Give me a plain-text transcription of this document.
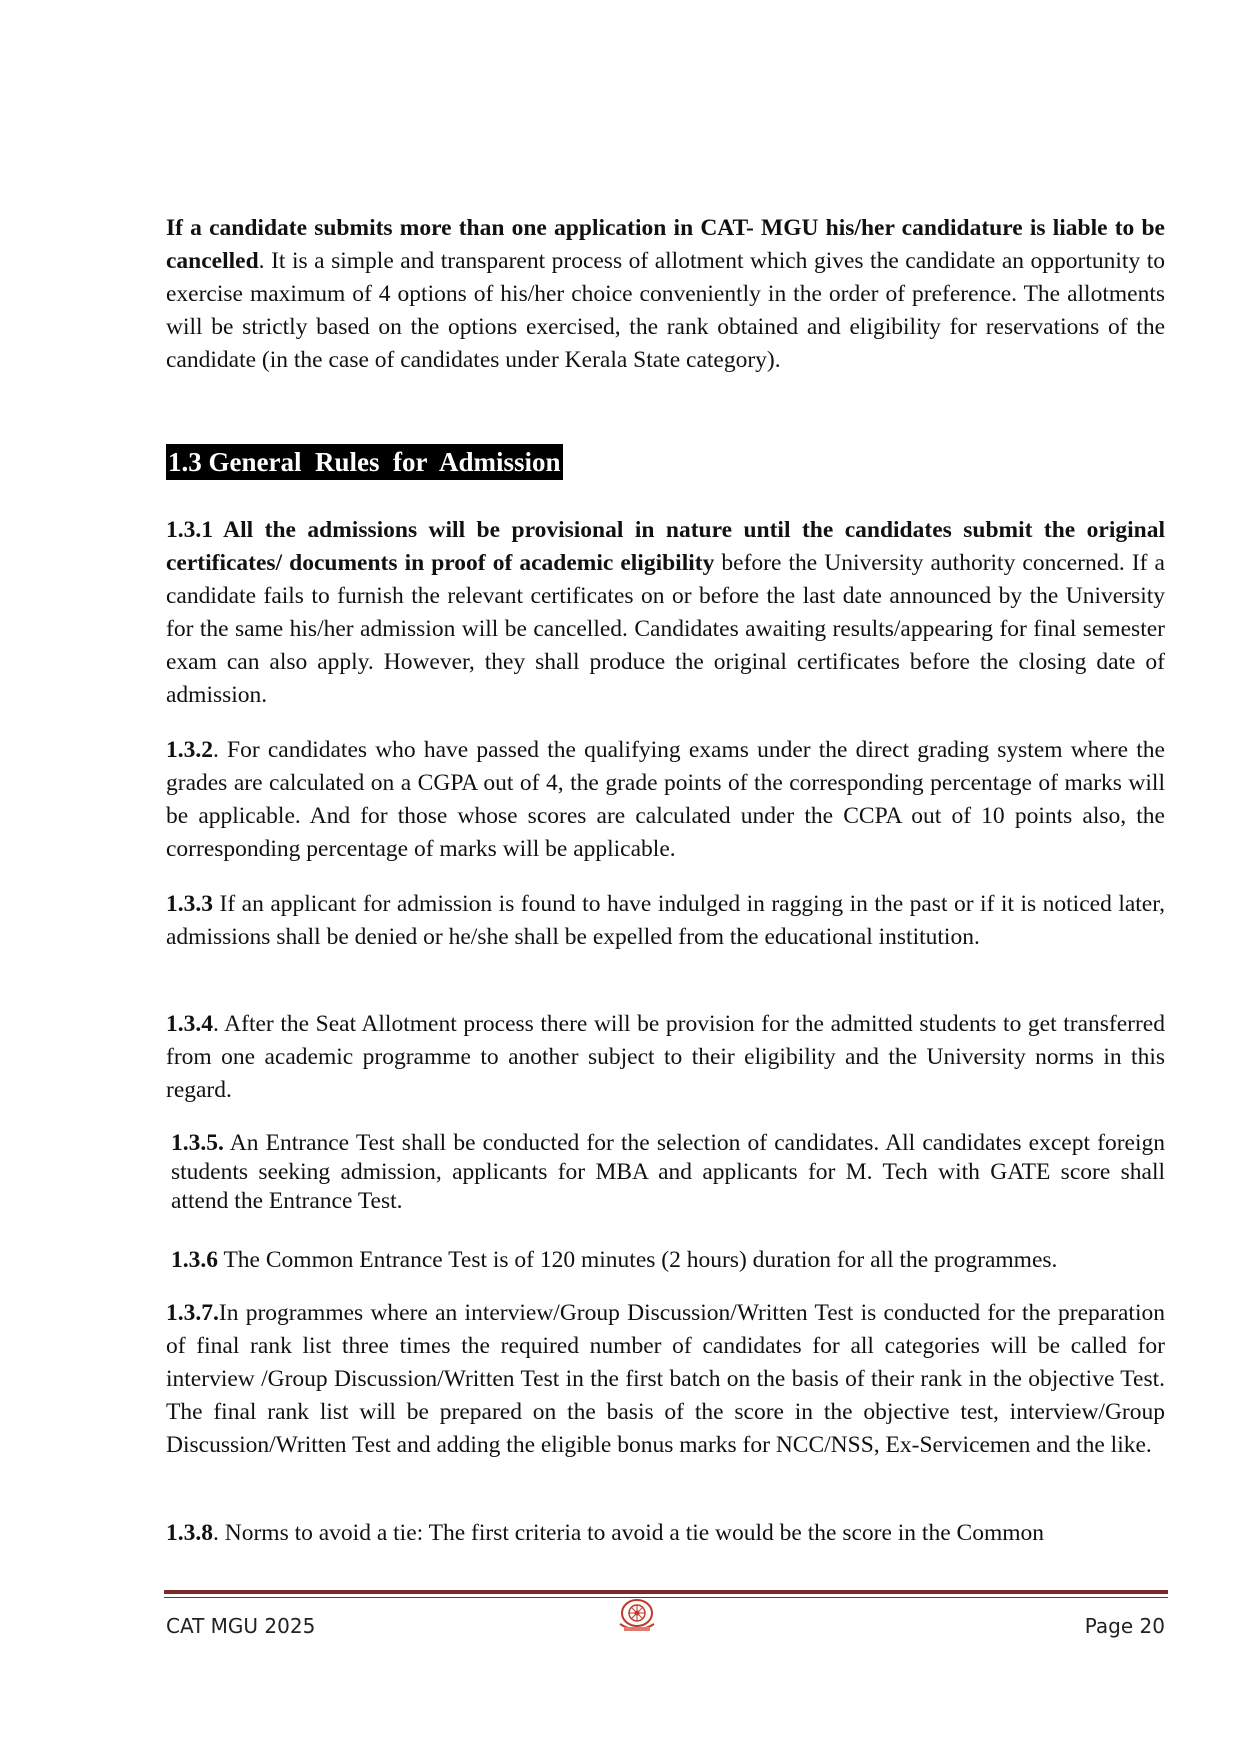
If a candidate submits more than one application in CAT- MGU his/her candidature is liable to be cancelled. It is a simple and transparent process of allotment which gives the candidate an opportunity to exercise maximum of 4 options of his/her choice conveniently in the order of preference. The allotments will be strictly based on the options exercised, the rank obtained and eligibility for reservations of the candidate (in the case of candidates under Kerala State category).

1.3 General  Rules  for  Admission

1.3.1 All the admissions will be provisional in nature until the candidates submit the original certificates/ documents in proof of academic eligibility before the University authority concerned. If a candidate fails to furnish the relevant certificates on or before the last date announced by the University for the same his/her admission will be cancelled. Candidates awaiting results/appearing for final semester exam can also apply. However, they shall produce the original certificates before the closing date of admission.

1.3.2. For candidates who have passed the qualifying exams under the direct grading system where the grades are calculated on a CGPA out of 4, the grade points of the corresponding percentage of marks will be applicable. And for those whose scores are calculated under the CCPA out of 10 points also, the corresponding percentage of marks will be applicable.

1.3.3 If an applicant for admission is found to have indulged in ragging in the past or if it is noticed later, admissions shall be denied or he/she shall be expelled from the educational institution.

1.3.4. After the Seat Allotment process there will be provision for the admitted students to get transferred from one academic programme to another subject to their eligibility and the University norms in this regard.

1.3.5. An Entrance Test shall be conducted for the selection of candidates. All candidates except foreign students seeking admission, applicants for MBA and applicants for M. Tech with GATE score shall attend the Entrance Test.

1.3.6 The Common Entrance Test is of 120 minutes (2 hours) duration for all the programmes.

1.3.7.In programmes where an interview/Group Discussion/Written Test is conducted for the preparation of final rank list three times the required number of candidates for all categories will be called for interview /Group Discussion/Written Test in the first batch on the basis of their rank in the objective Test. The final rank list will be prepared on the basis of the score in the objective test, interview/Group Discussion/Written Test and adding the eligible bonus marks for NCC/NSS, Ex-Servicemen and the like.

1.3.8. Norms to avoid a tie: The first criteria to avoid a tie would be the score in the Common

CAT MGU 2025	Page 20
